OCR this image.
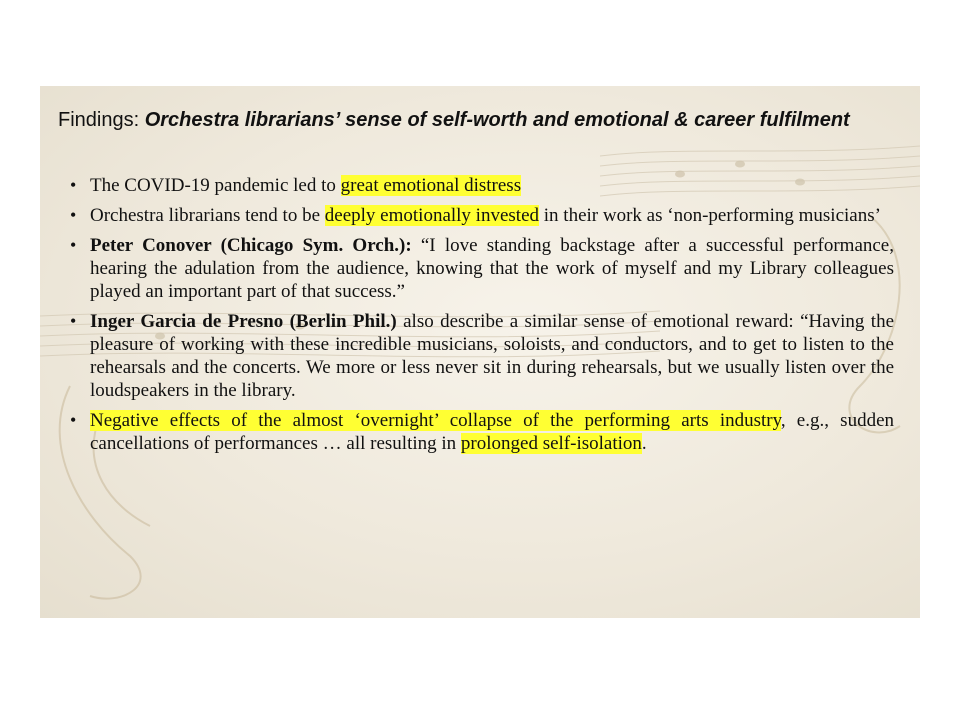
Findings: Orchestra librarians’ sense of self-worth and emotional & career fulfilment
• The COVID-19 pandemic led to great emotional distress
• Orchestra librarians tend to be deeply emotionally invested in their work as ‘non-performing musicians’
• Peter Conover (Chicago Sym. Orch.): “I love standing backstage after a successful performance, hearing the adulation from the audience, knowing that the work of myself and my Library colleagues played an important part of that success.”
• Inger Garcia de Presno (Berlin Phil.) also describe a similar sense of emotional reward: “Having the pleasure of working with these incredible musicians, soloists, and conductors, and to get to listen to the rehearsals and the concerts. We more or less never sit in during rehearsals, but we usually listen over the loudspeakers in the library.
• Negative effects of the almost ‘overnight’ collapse of the performing arts industry, e.g., sudden cancellations of performances … all resulting in prolonged self-isolation.
